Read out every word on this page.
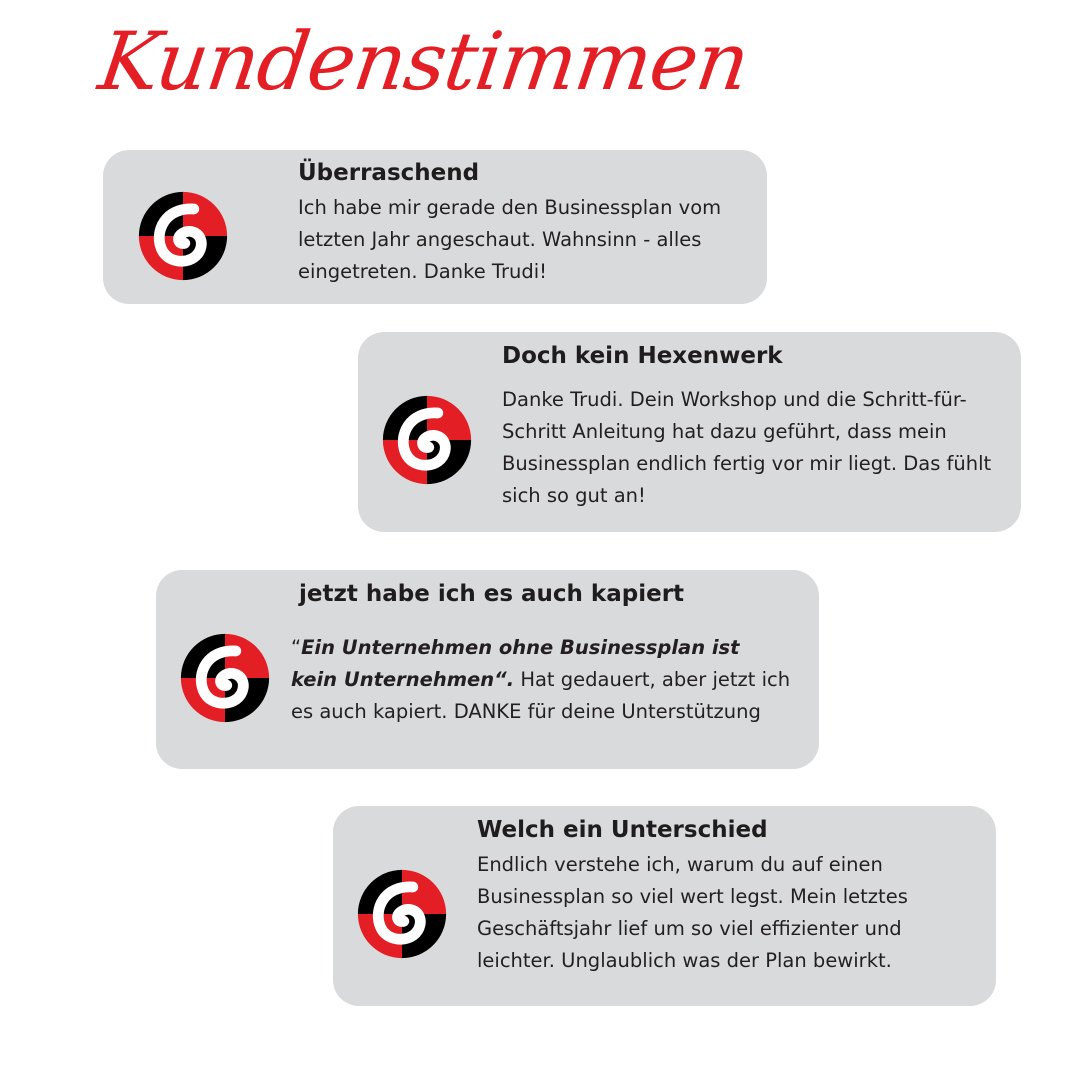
Kundenstimmen
Überraschend
Ich habe mir gerade den Businessplan vom letzten Jahr angeschaut. Wahnsinn - alles eingetreten. Danke Trudi!
Doch kein Hexenwerk
Danke Trudi. Dein Workshop und die Schritt-für-Schritt Anleitung hat dazu geführt, dass mein Businessplan endlich fertig vor mir liegt. Das fühlt sich so gut an!
jetzt habe ich es auch kapiert
“Ein Unternehmen ohne Businessplan ist kein Unternehmen“. Hat gedauert, aber jetzt ich es auch kapiert. DANKE für deine Unterstützung
Welch ein Unterschied
Endlich verstehe ich, warum du auf einen Businessplan so viel wert legst. Mein letztes Geschäftsjahr lief um so viel effizienter und leichter. Unglaublich was der Plan bewirkt.
